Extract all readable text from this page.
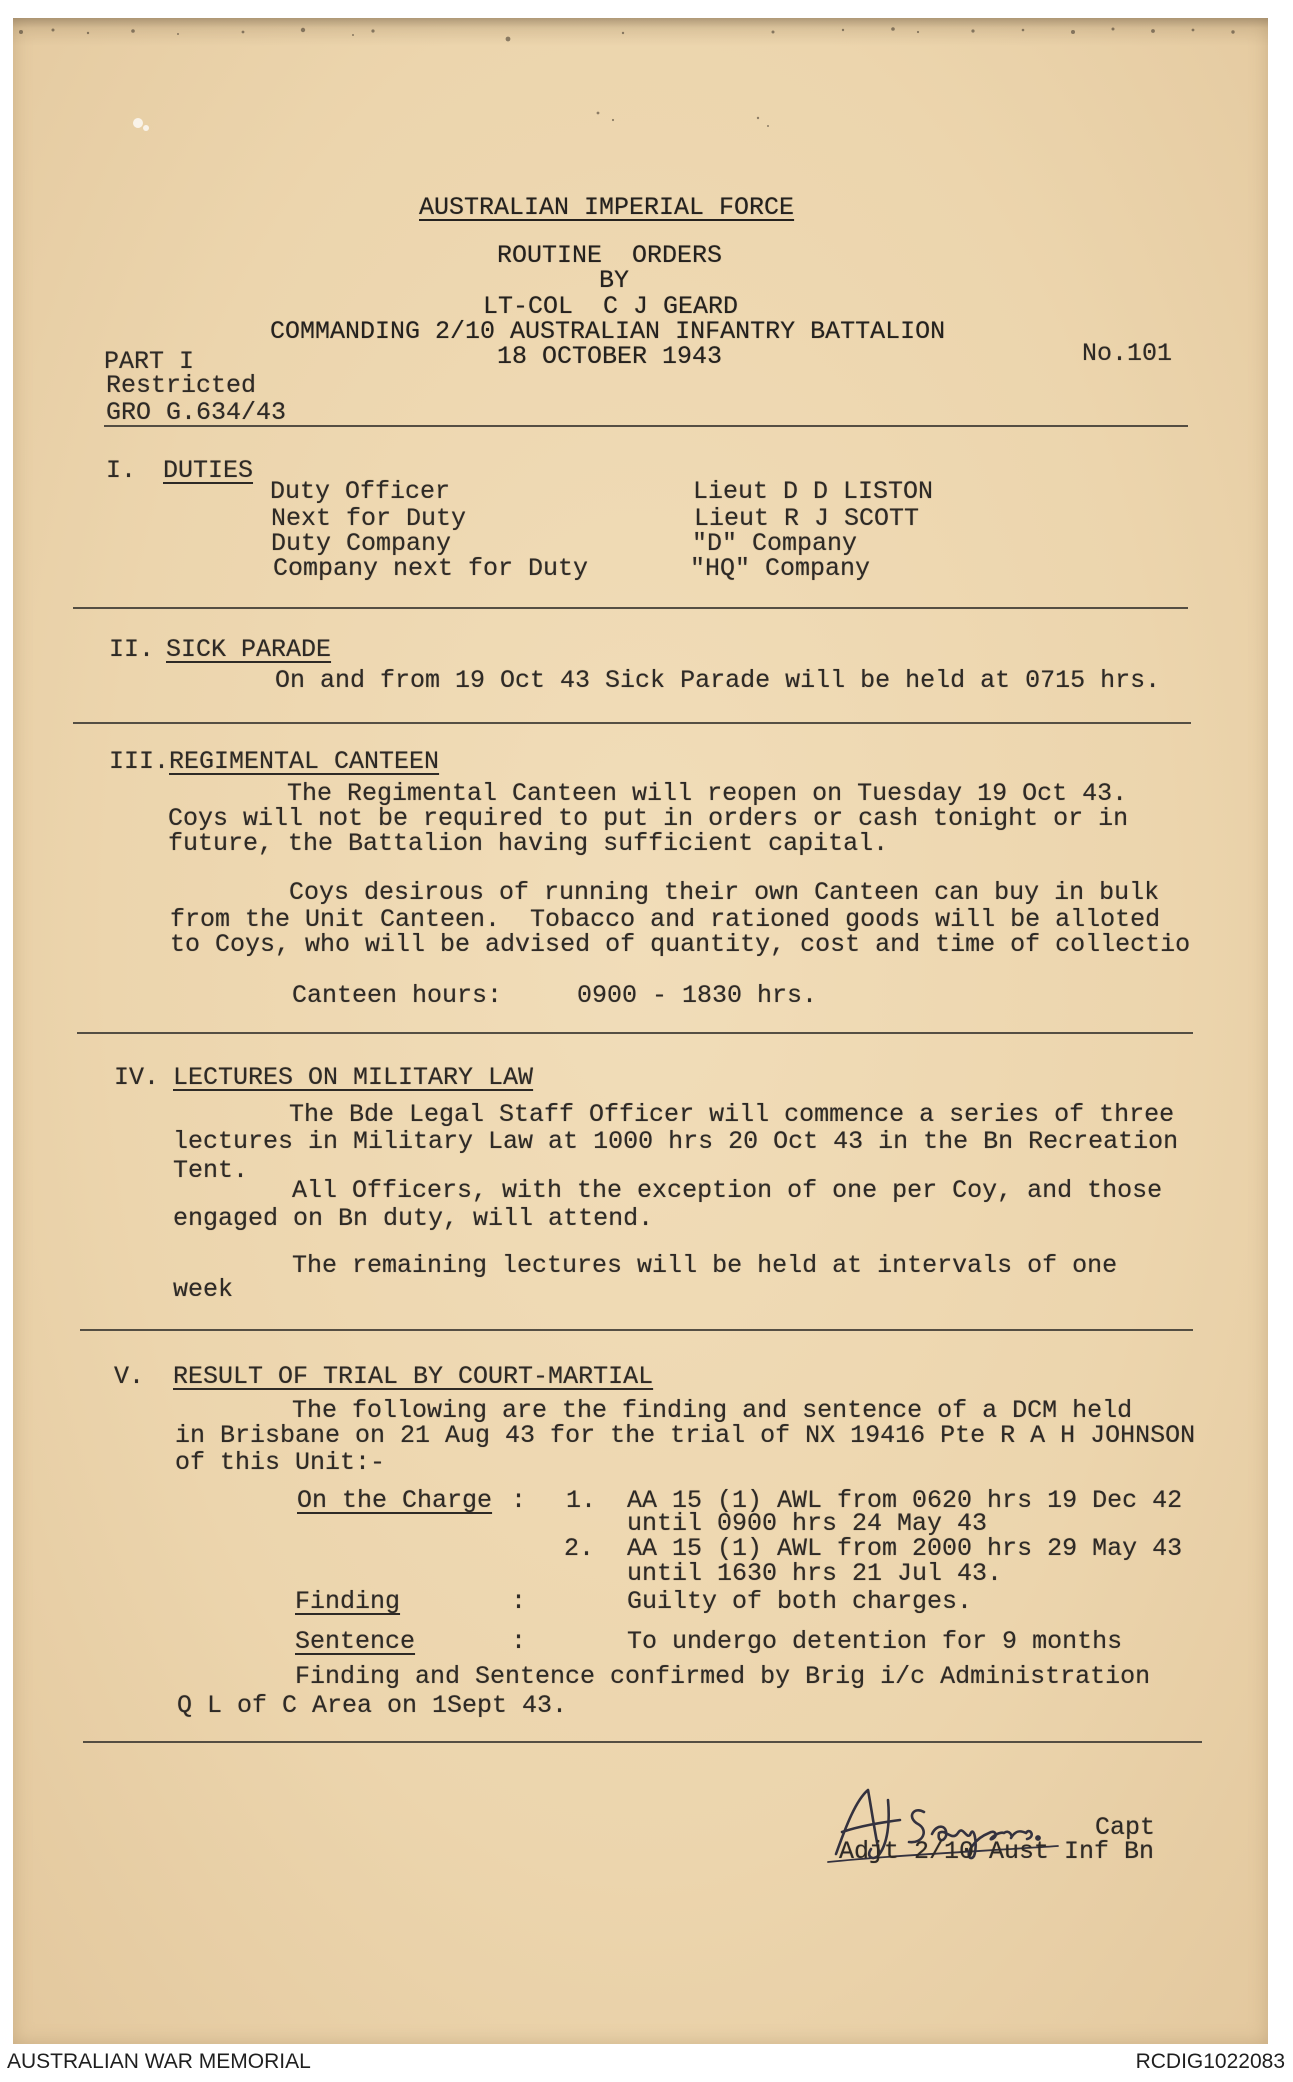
AUSTRALIAN IMPERIAL FORCE
ROUTINE  ORDERS
BY
LT-COL  C J GEARD
COMMANDING 2/10 AUSTRALIAN INFANTRY BATTALION
18 OCTOBER 1943
PART I	No.101
Restricted
GRO G.634/43
I. DUTIES
Duty Officer	Lieut D D LISTON
Next for Duty	Lieut R J SCOTT
Duty Company	"D" Company
Company next for Duty	"HQ" Company
II. SICK PARADE
On and from 19 Oct 43 Sick Parade will be held at 0715 hrs.
III. REGIMENTAL CANTEEN
The Regimental Canteen will reopen on Tuesday 19 Oct 43.
Coys will not be required to put in orders or cash tonight or in
future, the Battalion having sufficient capital.
Coys desirous of running their own Canteen can buy in bulk
from the Unit Canteen.  Tobacco and rationed goods will be alloted
to Coys, who will be advised of quantity, cost and time of collectio
Canteen hours:	0900 - 1830 hrs.
IV. LECTURES ON MILITARY LAW
The Bde Legal Staff Officer will commence a series of three
lectures in Military Law at 1000 hrs 20 Oct 43 in the Bn Recreation
Tent.
All Officers, with the exception of one per Coy, and those
engaged on Bn duty, will attend.
The remaining lectures will be held at intervals of one
week
V. RESULT OF TRIAL BY COURT-MARTIAL
The following are the finding and sentence of a DCM held
in Brisbane on 21 Aug 43 for the trial of NX 19416 Pte R A H JOHNSON
of this Unit:-
On the Charge : 1. AA 15 (1) AWL from 0620 hrs 19 Dec 42
until 0900 hrs 24 May 43
2. AA 15 (1) AWL from 2000 hrs 29 May 43
until 1630 hrs 21 Jul 43.
Finding	:	Guilty of both charges.
Sentence	:	To undergo detention for 9 months
Finding and Sentence confirmed by Brig i/c Administration
Q L of C Area on 1Sept 43.
Capt
Adjt 2/10 Aust Inf Bn
AUSTRALIAN WAR MEMORIAL	RCDIG1022083
